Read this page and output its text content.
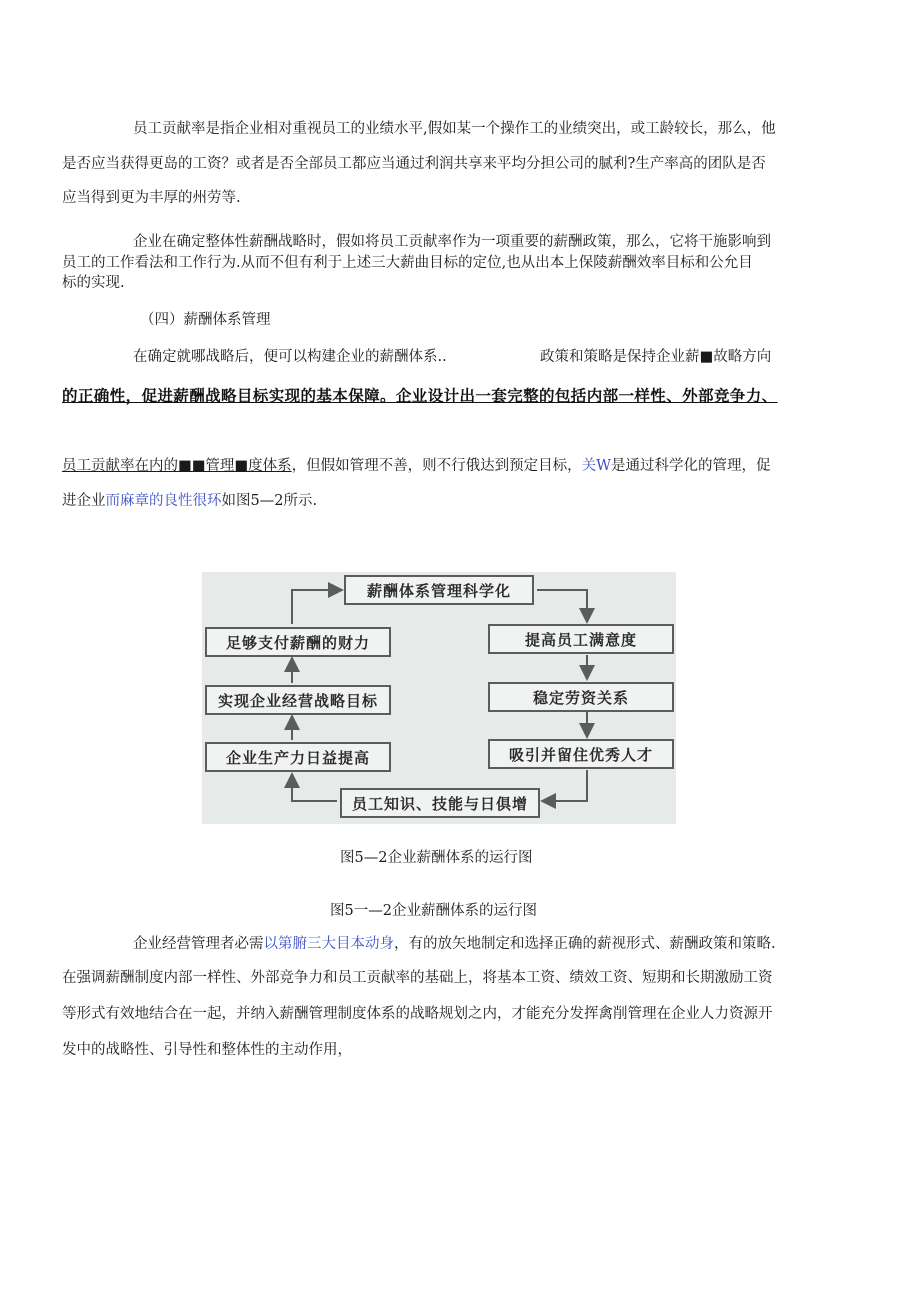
员工贡献率是指企业相对重视员工的业绩水平,假如某一个操作工的业绩突出，或工龄较长，那么，他
是否应当获得更岛的工资？或者是否全部员工都应当通过利润共享来平均分担公司的腻利?生产率高的团队是否
应当得到更为丰厚的州劳等.
企业在确定整体性薪酬战略时，假如将员工贡献率作为一项重要的薪酬政策，那么，它将干施影响到
员工的工作看法和工作行为.从而不但有利于上述三大薪曲目标的定位,也从出本上保陵薪酬效率目标和公允目
标的实现.
（四）薪酬体系管理
在确定就哪战略后，便可以构建企业的薪酬体系..	政策和策略是保持企业薪■故略方向
的正确性，促进薪酬战略目标实现的基本保障。企业设计出一套完整的包括内部一样性、外部竞争力、
员工贡献率在内的■■管理■度体系，但假如管理不善，则不行俄达到预定目标，关W是通过科学化的管理，促
进企业而麻章的良性很环如图5—2所示.
薪酬体系管理科学化
足够支付薪酬的财力
实现企业经营战略目标
企业生产力日益提高
提高员工满意度
稳定劳资关系
吸引并留住优秀人才
员工知识、技能与日俱增
图5—2企业薪酬体系的运行图
图5一—2企业薪酬体系的运行图
企业经营管理者必需以第腑三大目本动身，有的放矢地制定和选择正确的薪视形式、薪酬政策和策略.
在强调薪酬制度内部一样性、外部竞争力和员工贡献率的基础上，将基本工资、绩效工资、短期和长期激励工资
等形式有效地结合在一起，并纳入薪酬管理制度体系的战略规划之内，才能充分发挥禽削管理在企业人力资源开
发中的战略性、引导性和整体性的主动作用，
